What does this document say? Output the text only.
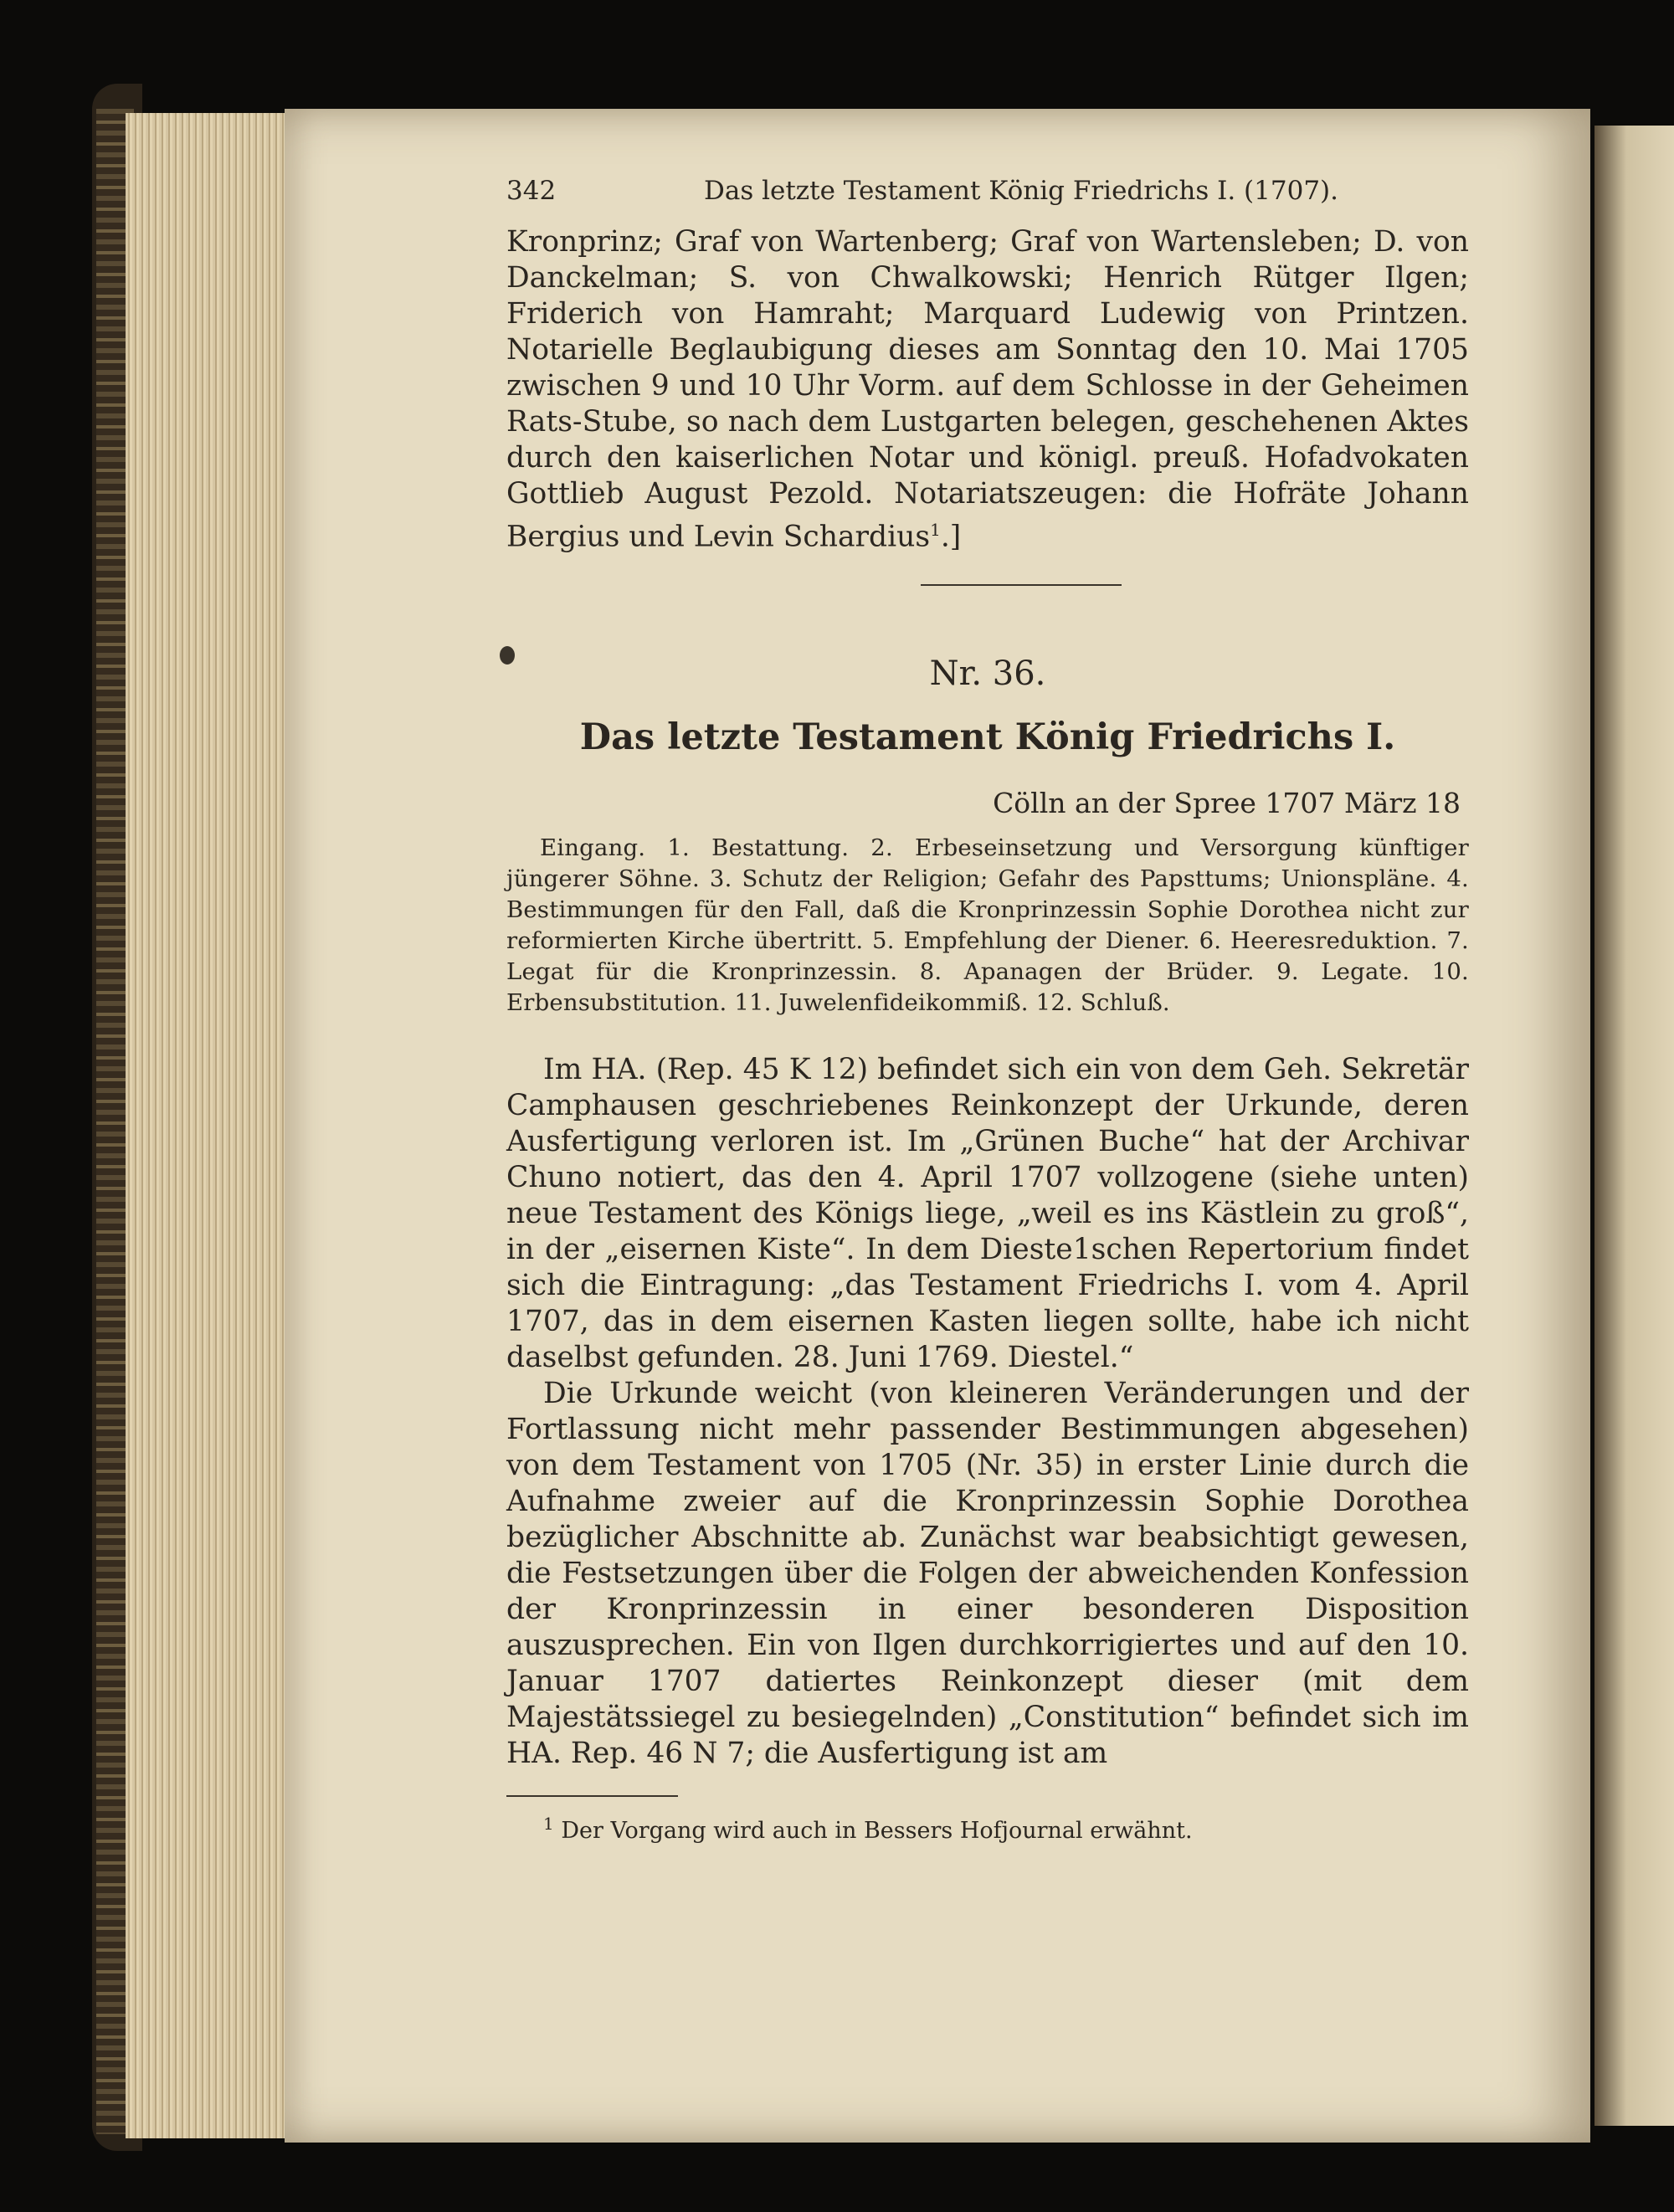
342	Das letzte Testament König Friedrichs I. (1707).

Kronprinz; Graf von Wartenberg; Graf von Wartensleben; D. von Danckelman; S. von Chwalkowski; Henrich Rütger Ilgen; Friderich von Hamraht; Marquard Ludewig von Printzen. Notarielle Beglaubigung dieses am Sonntag den 10. Mai 1705 zwischen 9 und 10 Uhr Vorm. auf dem Schlosse in der Geheimen Rats-Stube, so nach dem Lustgarten belegen, geschehenen Aktes durch den kaiserlichen Notar und königl. preuß. Hofadvokaten Gottlieb August Pezold. Notariatszeugen: die Hofräte Johann Bergius und Levin Schardius$^1$.]

Nr. 36.
Das letzte Testament König Friedrichs I.
Cölln an der Spree 1707 März 18

Eingang. 1. Bestattung. 2. Erbeseinsetzung und Versorgung künftiger jüngerer Söhne. 3. Schutz der Religion; Gefahr des Papsttums; Unionspläne. 4. Bestimmungen für den Fall, daß die Kronprinzessin Sophie Dorothea nicht zur reformierten Kirche übertritt. 5. Empfehlung der Diener. 6. Heeresreduktion. 7. Legat für die Kronprinzessin. 8. Apanagen der Brüder. 9. Legate. 10. Erbensubstitution. 11. Juwelenfideikommiß. 12. Schluß.

Im HA. (Rep. 45 K 12) befindet sich ein von dem Geh. Sekretär Camphausen geschriebenes Reinkonzept der Urkunde, deren Ausfertigung verloren ist. Im „Grünen Buche“ hat der Archivar Chuno notiert, das den 4. April 1707 vollzogene (siehe unten) neue Testament des Königs liege, „weil es ins Kästlein zu groß“, in der „eisernen Kiste“. In dem Dieste1schen Repertorium findet sich die Eintragung: „das Testament Friedrichs I. vom 4. April 1707, das in dem eisernen Kasten liegen sollte, habe ich nicht daselbst gefunden. 28. Juni 1769. Diestel.“

Die Urkunde weicht (von kleineren Veränderungen und der Fortlassung nicht mehr passender Bestimmungen abgesehen) von dem Testament von 1705 (Nr. 35) in erster Linie durch die Aufnahme zweier auf die Kronprinzessin Sophie Dorothea bezüglicher Abschnitte ab. Zunächst war beabsichtigt gewesen, die Festsetzungen über die Folgen der abweichenden Konfession der Kronprinzessin in einer besonderen Disposition auszusprechen. Ein von Ilgen durchkorrigiertes und auf den 10. Januar 1707 datiertes Reinkonzept dieser (mit dem Majestätssiegel zu besiegelnden) „Constitution“ befindet sich im HA. Rep. 46 N 7; die Ausfertigung ist am

$^1$ Der Vorgang wird auch in Bessers Hofjournal erwähnt.
